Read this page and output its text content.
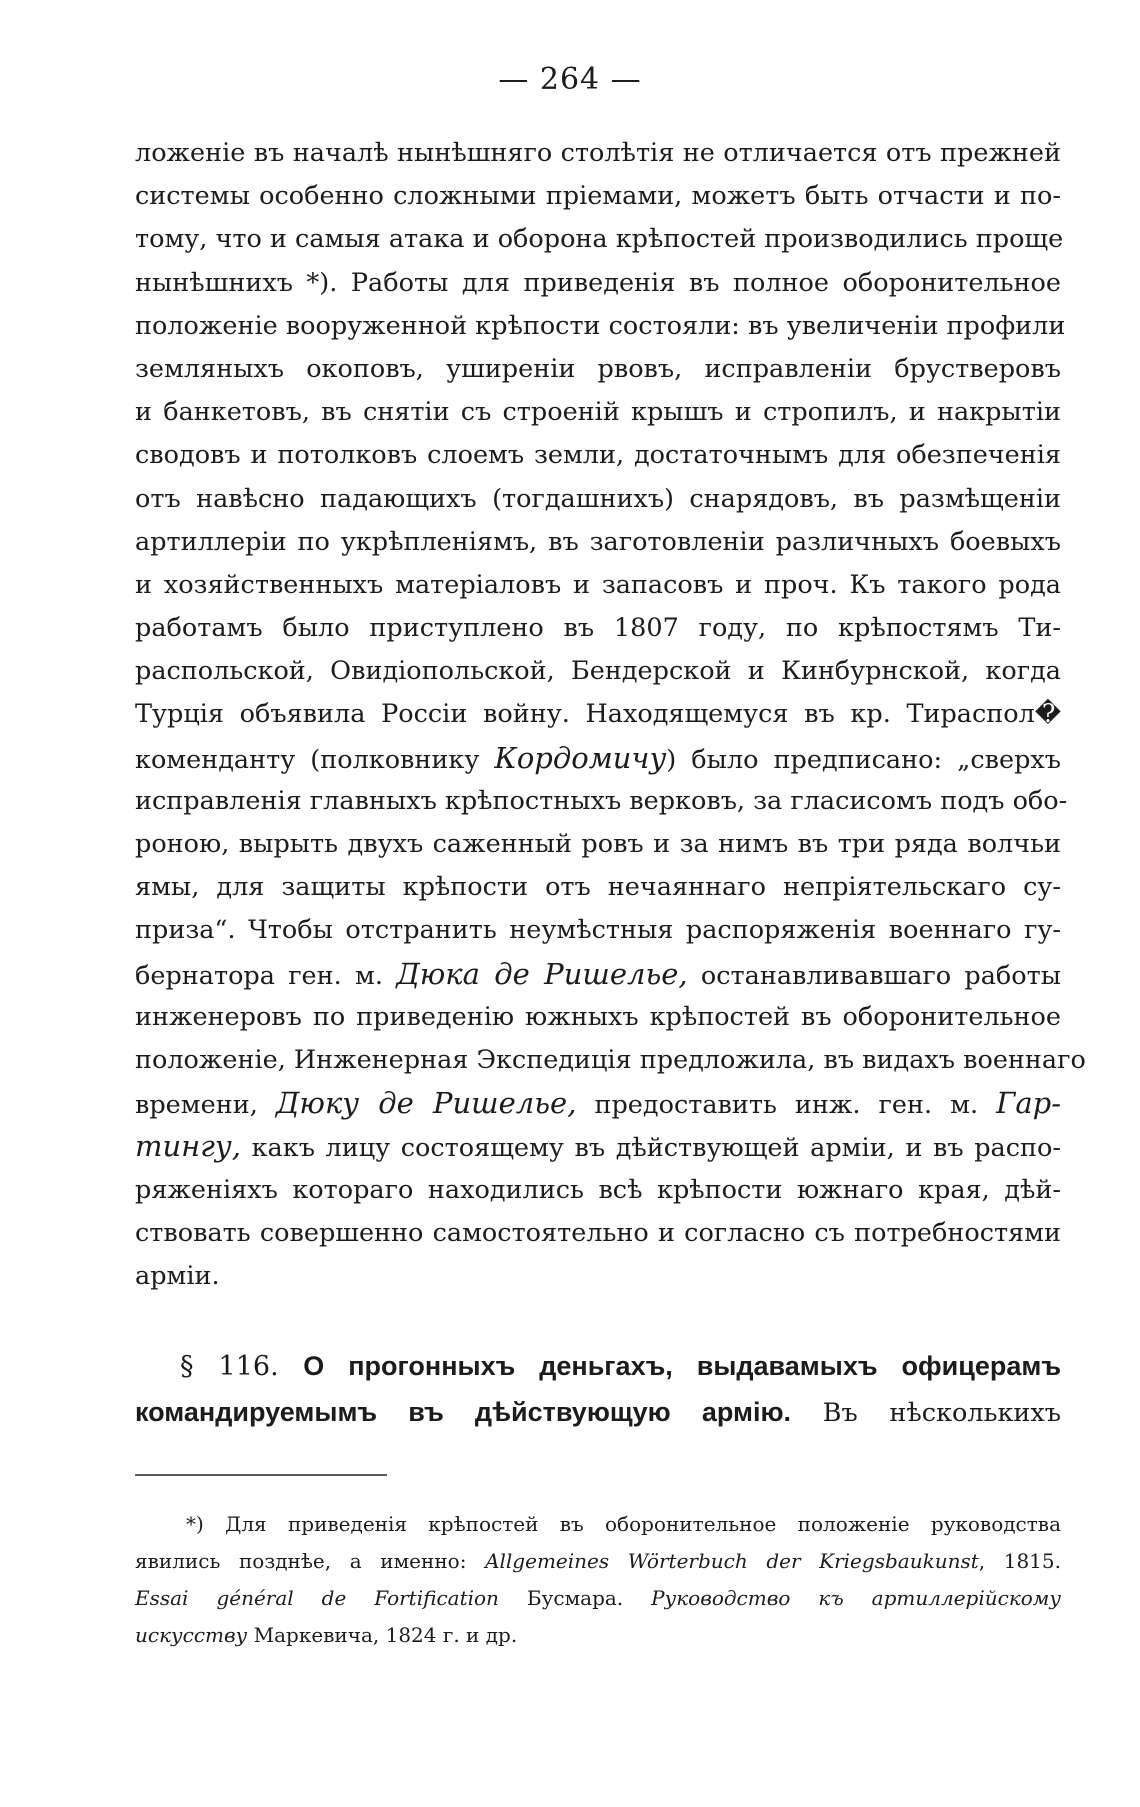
— 264 —
ложеніе въ началѣ нынѣшняго столѣтія не отличается отъ прежней
системы особенно сложными пріемами, можетъ быть отчасти и по-
тому, что и самыя атака и оборона крѣпостей производились проще
нынѣшнихъ *). Работы для приведенія въ полное оборонительное
положеніе вооруженной крѣпости состояли: въ увеличеніи профили
земляныхъ окоповъ, уширеніи рвовъ, исправленіи брустверовъ
и банкетовъ, въ снятіи съ строеній крышъ и стропилъ, и накрытіи
сводовъ и потолковъ слоемъ земли, достаточнымъ для обезпеченія
отъ навѣсно падающихъ (тогдашнихъ) снарядовъ, въ размѣщеніи
артиллеріи по укрѣпленіямъ, въ заготовленіи различныхъ боевыхъ
и хозяйственныхъ матеріаловъ и запасовъ и проч. Къ такого рода
работамъ было приступлено въ 1807 году, по крѣпостямъ Ти-
распольской, Овидіопольской, Бендерской и Кинбурнской, когда
Турція объявила Россіи войну. Находящемуся въ кр. Тираспол�
коменданту (полковнику Кордомичу) было предписано: „сверхъ
исправленія главныхъ крѣпостныхъ верковъ, за гласисомъ подъ обо-
роною, вырыть двухъ саженный ровъ и за нимъ въ три ряда волчьи
ямы, для защиты крѣпости отъ нечаяннаго непріятельскаго су-
приза“. Чтобы отстранить неумѣстныя распоряженія военнаго гу-
бернатора ген. м. Дюка де Ришелье, останавливавшаго работы
инженеровъ по приведенію южныхъ крѣпостей въ оборонительное
положеніе, Инженерная Экспедиція предложила, въ видахъ военнаго
времени, Дюку де Ришелье, предоставить инж. ген. м. Гар-
тингу, какъ лицу состоящему въ дѣйствующей арміи, и въ распо-
ряженіяхъ котораго находились всѣ крѣпости южнаго края, дѣй-
ствовать совершенно самостоятельно и согласно съ потребностями
арміи.
§ 116. О прогонныхъ деньгахъ, выдавамыхъ офицерамъ
командируемымъ въ дѣйствующую армію. Въ нѣсколькихъ
*) Для приведенія крѣпостей въ оборонительное положеніе руководства
явились позднѣе, а именно: Allgemeines Wörterbuch der Kriegsbaukunst, 1815.
Essai général de Fortification Бусмара. Руководство къ артиллерійскому
искусству Маркевича, 1824 г. и др.
